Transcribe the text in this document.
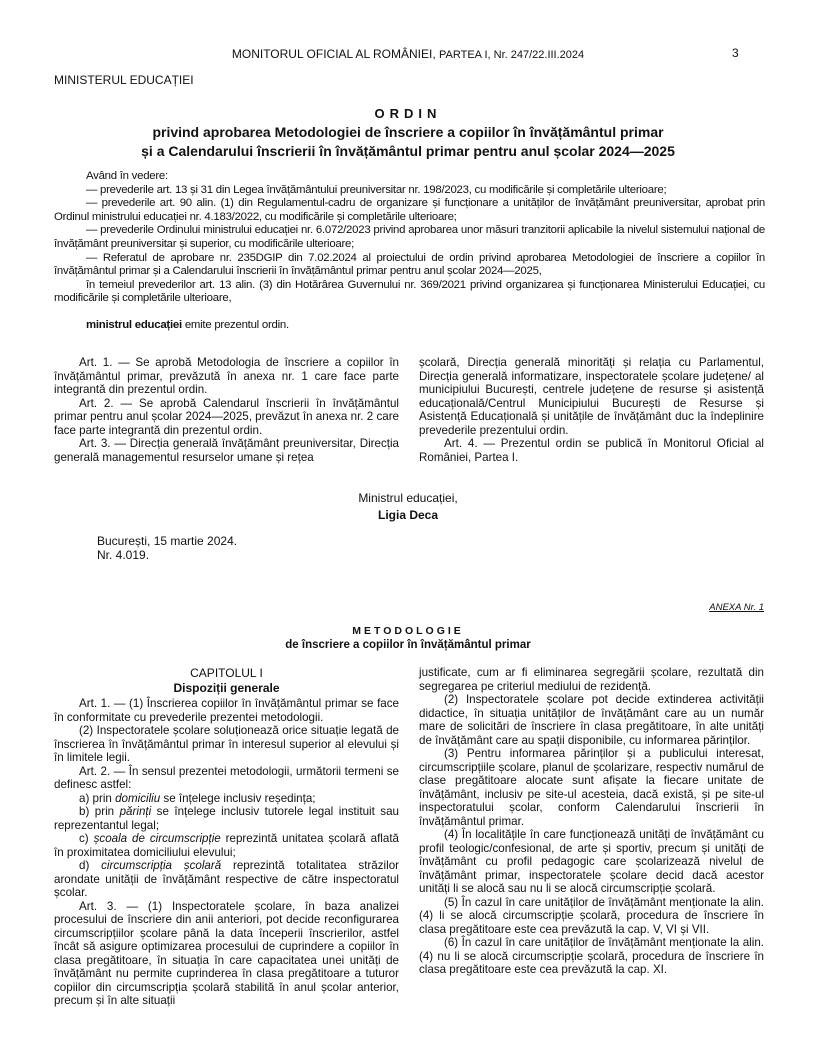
MONITORUL OFICIAL AL ROMÂNIEI, PARTEA I, Nr. 247/22.III.2024	3
MINISTERUL EDUCAȚIEI
ORDIN
privind aprobarea Metodologiei de înscriere a copiilor în învățământul primar
și a Calendarului înscrierii în învățământul primar pentru anul școlar 2024—2025

Având în vedere:

— prevederile art. 13 și 31 din Legea învățământului preuniversitar nr. 198/2023, cu modificările și completările ulterioare;

— prevederile art. 90 alin. (1) din Regulamentul-cadru de organizare și funcționare a unităților de învățământ preuniversitar, aprobat prin Ordinul ministrului educației nr. 4.183/2022, cu modificările și completările ulterioare;

— prevederile Ordinului ministrului educației nr. 6.072/2023 privind aprobarea unor măsuri tranzitorii aplicabile la nivelul sistemului național de învățământ preuniversitar și superior, cu modificările ulterioare;

— Referatul de aprobare nr. 235DGIP din 7.02.2024 al proiectului de ordin privind aprobarea Metodologiei de înscriere a copiilor în învățământul primar și a Calendarului înscrierii în învățământul primar pentru anul școlar 2024—2025,

în temeiul prevederilor art. 13 alin. (3) din Hotărârea Guvernului nr. 369/2021 privind organizarea și funcționarea Ministerului Educației, cu modificările și completările ulterioare,

ministrul educației emite prezentul ordin.

Art. 1. — Se aprobă Metodologia de înscriere a copiilor în învățământul primar, prevăzută în anexa nr. 1 care face parte integrantă din prezentul ordin.

Art. 2. — Se aprobă Calendarul înscrierii în învățământul primar pentru anul școlar 2024—2025, prevăzut în anexa nr. 2 care face parte integrantă din prezentul ordin.

Art. 3. — Direcția generală învățământ preuniversitar, Direcția generală managementul resurselor umane și rețea

școlară, Direcția generală minorități și relația cu Parlamentul, Direcția generală informatizare, inspectoratele școlare județene/ al municipiului București, centrele județene de resurse și asistență educațională/Centrul Municipiului București de Resurse și Asistență Educațională și unitățile de învățământ duc la îndeplinire prevederile prezentului ordin.

Art. 4. — Prezentul ordin se publică în Monitorul Oficial al României, Partea I.

Ministrul educației,
Ligia Deca
București, 15 martie 2024.
Nr. 4.019.
ANEXA Nr. 1
METODOLOGIE
de înscriere a copiilor în învățământul primar
CAPITOLUL I
Dispoziții generale

Art. 1. — (1) Înscrierea copiilor în învățământul primar se face în conformitate cu prevederile prezentei metodologii.

(2) Inspectoratele școlare soluționează orice situație legată de înscrierea în învățământul primar în interesul superior al elevului și în limitele legii.

Art. 2. — În sensul prezentei metodologii, următorii termeni se definesc astfel:

a) prin domiciliu se înțelege inclusiv reședința;

b) prin părinți se înțelege inclusiv tutorele legal instituit sau reprezentantul legal;

c) școala de circumscripție reprezintă unitatea școlară aflată în proximitatea domiciliului elevului;

d) circumscripția școlară reprezintă totalitatea străzilor arondate unității de învățământ respective de către inspectoratul școlar.

Art. 3. — (1) Inspectoratele școlare, în baza analizei procesului de înscriere din anii anteriori, pot decide reconfigurarea circumscripțiilor școlare până la data începerii înscrierilor, astfel încât să asigure optimizarea procesului de cuprindere a copiilor în clasa pregătitoare, în situația în care capacitatea unei unități de învățământ nu permite cuprinderea în clasa pregătitoare a tuturor copiilor din circumscripția școlară stabilită în anul școlar anterior, precum și în alte situații

justificate, cum ar fi eliminarea segregării școlare, rezultată din segregarea pe criteriul mediului de rezidență.

(2) Inspectoratele școlare pot decide extinderea activității didactice, în situația unităților de învățământ care au un număr mare de solicitări de înscriere în clasa pregătitoare, în alte unități de învățământ care au spații disponibile, cu informarea părinților.

(3) Pentru informarea părinților și a publicului interesat, circumscripțiile școlare, planul de școlarizare, respectiv numărul de clase pregătitoare alocate sunt afișate la fiecare unitate de învățământ, inclusiv pe site-ul acesteia, dacă există, și pe site-ul inspectoratului școlar, conform Calendarului înscrierii în învățământul primar.

(4) În localitățile în care funcționează unități de învățământ cu profil teologic/confesional, de arte și sportiv, precum și unități de învățământ cu profil pedagogic care școlarizează nivelul de învățământ primar, inspectoratele școlare decid dacă acestor unități li se alocă sau nu li se alocă circumscripție școlară.

(5) În cazul în care unităților de învățământ menționate la alin. (4) li se alocă circumscripție școlară, procedura de înscriere în clasa pregătitoare este cea prevăzută la cap. V, VI și VII.

(6) În cazul în care unităților de învățământ menționate la alin. (4) nu li se alocă circumscripție școlară, procedura de înscriere în clasa pregătitoare este cea prevăzută la cap. XI.
